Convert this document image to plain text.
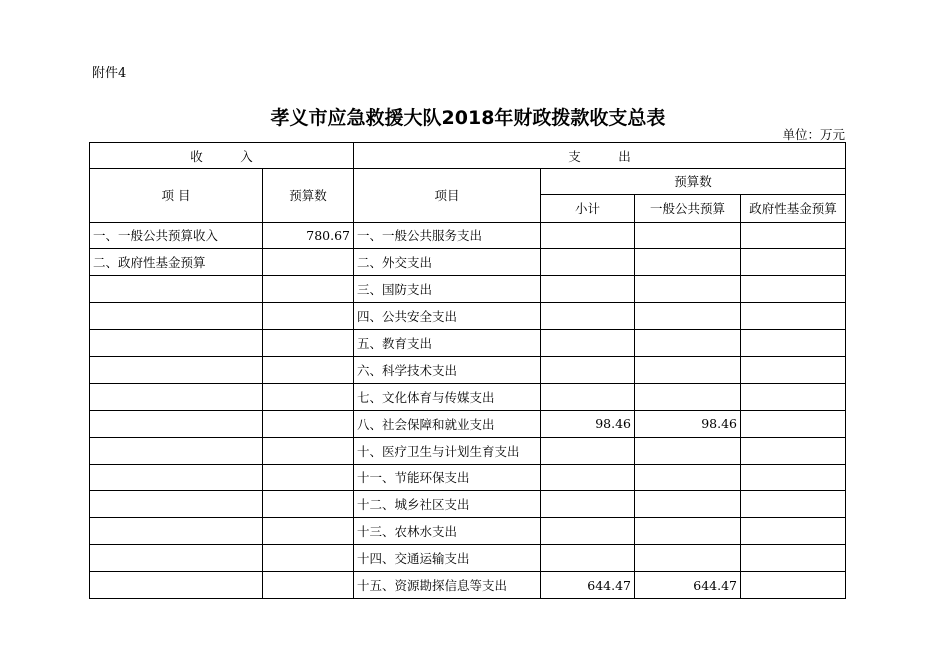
附件4
孝义市应急救援大队2018年财政拨款收支总表
单位：万元
收　　　入		支　　　出			
项 目	预算数	项目	预算数		
			小计	一般公共预算	政府性基金预算
一、一般公共预算收入	780.67	一、一般公共服务支出			
二、政府性基金预算		二、外交支出			
		三、国防支出			
		四、公共安全支出			
		五、教育支出			
		六、科学技术支出			
		七、文化体育与传媒支出			
		八、社会保障和就业支出	98.46	98.46	
		十、医疗卫生与计划生育支出			
		十一、节能环保支出			
		十二、城乡社区支出			
		十三、农林水支出			
		十四、交通运输支出			
		十五、资源勘探信息等支出	644.47	644.47	
